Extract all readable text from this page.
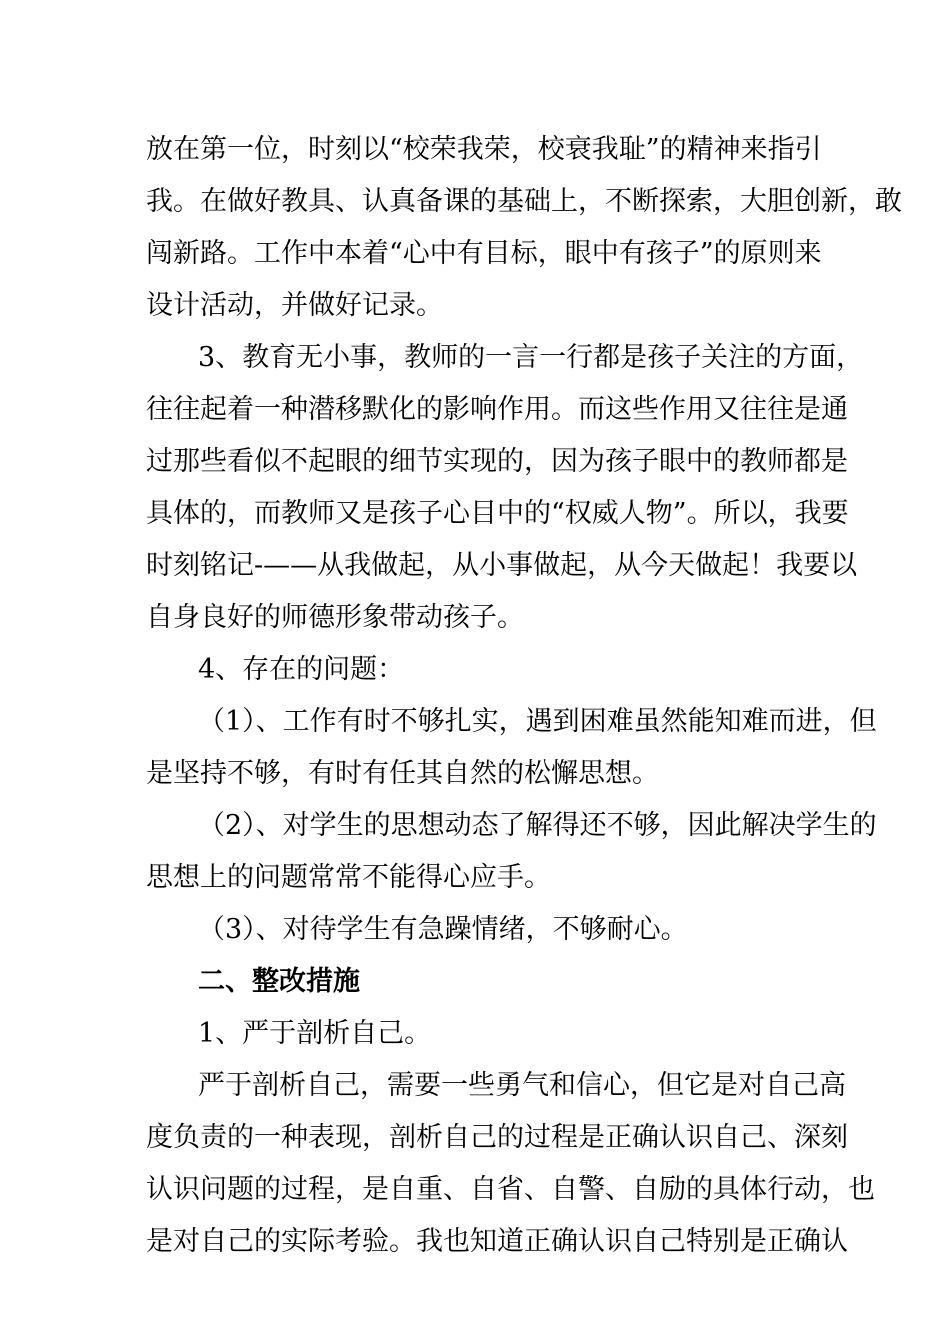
放在第一位，时刻以“校荣我荣，校衰我耻”的精神来指引

我。在做好教具、认真备课的基础上，不断探索，大胆创新，敢

闯新路。工作中本着“心中有目标，眼中有孩子”的原则来

设计活动，并做好记录。

3、教育无小事，教师的一言一行都是孩子关注的方面，

往往起着一种潜移默化的影响作用。而这些作用又往往是通

过那些看似不起眼的细节实现的，因为孩子眼中的教师都是

具体的，而教师又是孩子心目中的“权威人物”。所以，我要

时刻铭记-——从我做起，从小事做起，从今天做起！我要以

自身良好的师德形象带动孩子。

4、存在的问题：

（1）、工作有时不够扎实，遇到困难虽然能知难而进，但

是坚持不够，有时有任其自然的松懈思想。

（2）、对学生的思想动态了解得还不够，因此解决学生的

思想上的问题常常不能得心应手。

（3）、对待学生有急躁情绪，不够耐心。

二、整改措施

1、严于剖析自己。

严于剖析自己，需要一些勇气和信心，但它是对自己高

度负责的一种表现，剖析自己的过程是正确认识自己、深刻

认识问题的过程，是自重、自省、自警、自励的具体行动，也

是对自己的实际考验。我也知道正确认识自己特别是正确认
